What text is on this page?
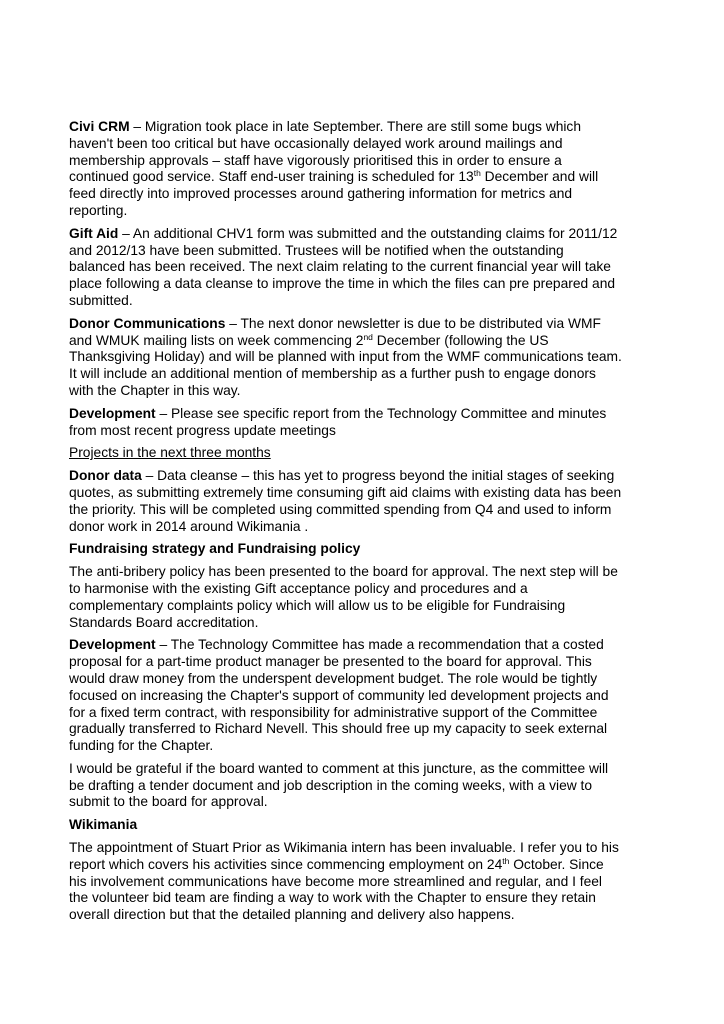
Civi CRM – Migration took place in late September. There are still some bugs which
haven't been too critical but have occasionally delayed work around mailings and
membership approvals – staff have vigorously prioritised this in order to ensure a
continued good service. Staff end-user training is scheduled for 13th December and will
feed directly into improved processes around gathering information for metrics and
reporting.

Gift Aid – An additional CHV1 form was submitted and the outstanding claims for 2011/12
and 2012/13 have been submitted. Trustees will be notified when the outstanding
balanced has been received. The next claim relating to the current financial year will take
place following a data cleanse to improve the time in which the files can pre prepared and
submitted.

Donor Communications – The next donor newsletter is due to be distributed via WMF
and WMUK mailing lists on week commencing 2nd December (following the US
Thanksgiving Holiday) and will be planned with input from the WMF communications team.
It will include an additional mention of membership as a further push to engage donors
with the Chapter in this way.

Development – Please see specific report from the Technology Committee and minutes
from most recent progress update meetings

Projects in the next three months

Donor data – Data cleanse – this has yet to progress beyond the initial stages of seeking
quotes, as submitting extremely time consuming gift aid claims with existing data has been
the priority. This will be completed using committed spending from Q4 and used to inform
donor work in 2014 around Wikimania .

Fundraising strategy and Fundraising policy

The anti-bribery policy has been presented to the board for approval. The next step will be
to harmonise with the existing Gift acceptance policy and procedures and a
complementary complaints policy which will allow us to be eligible for Fundraising
Standards Board accreditation.

Development – The Technology Committee has made a recommendation that a costed
proposal for a part-time product manager be presented to the board for approval. This
would draw money from the underspent development budget. The role would be tightly
focused on increasing the Chapter's support of community led development projects and
for a fixed term contract, with responsibility for administrative support of the Committee
gradually transferred to Richard Nevell. This should free up my capacity to seek external
funding for the Chapter.

I would be grateful if the board wanted to comment at this juncture, as the committee will
be drafting a tender document and job description in the coming weeks, with a view to
submit to the board for approval.

Wikimania

The appointment of Stuart Prior as Wikimania intern has been invaluable. I refer you to his
report which covers his activities since commencing employment on 24th October. Since
his involvement communications have become more streamlined and regular, and I feel
the volunteer bid team are finding a way to work with the Chapter to ensure they retain
overall direction but that the detailed planning and delivery also happens.
